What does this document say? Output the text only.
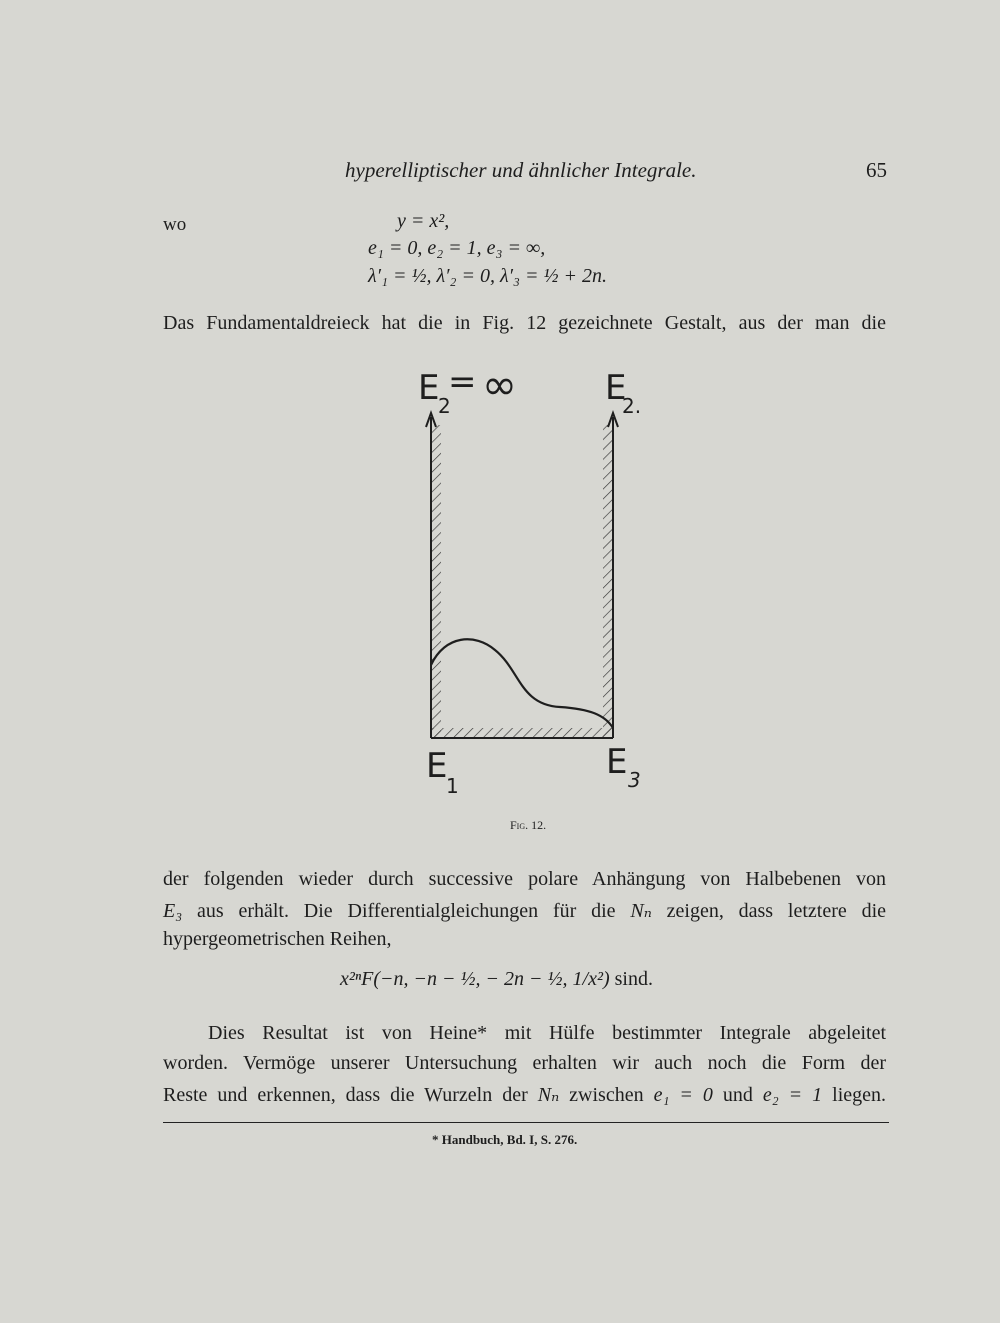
hyperelliptischer und ähnlicher Integrale.	65
wo	y = x²,
e₁ = 0, e₂ = 1, e₃ = ∞,
λ′₁ = ½, λ′₂ = 0, λ′₃ = ½ + 2n.
Das Fundamentaldreieck hat die in Fig. 12 gezeichnete Gestalt, aus der man die
E
2
= ∞	E
2.
E
1
E 3
Fig. 12.
der folgenden wieder durch successive polare Anhängung von Halbebenen von
E₃ aus erhält. Die Differentialgleichungen für die Nₙ zeigen, dass letztere die
hypergeometrischen Reihen,
x²ⁿF(−n, −n − ½, − 2n − ½, 1/x²) sind.
Dies Resultat ist von Heine* mit Hülfe bestimmter Integrale abgeleitet
worden. Vermöge unserer Untersuchung erhalten wir auch noch die Form der
Reste und erkennen, dass die Wurzeln der Nₙ zwischen e₁ = 0 und e₂ = 1 liegen.
* Handbuch, Bd. I, S. 276.
